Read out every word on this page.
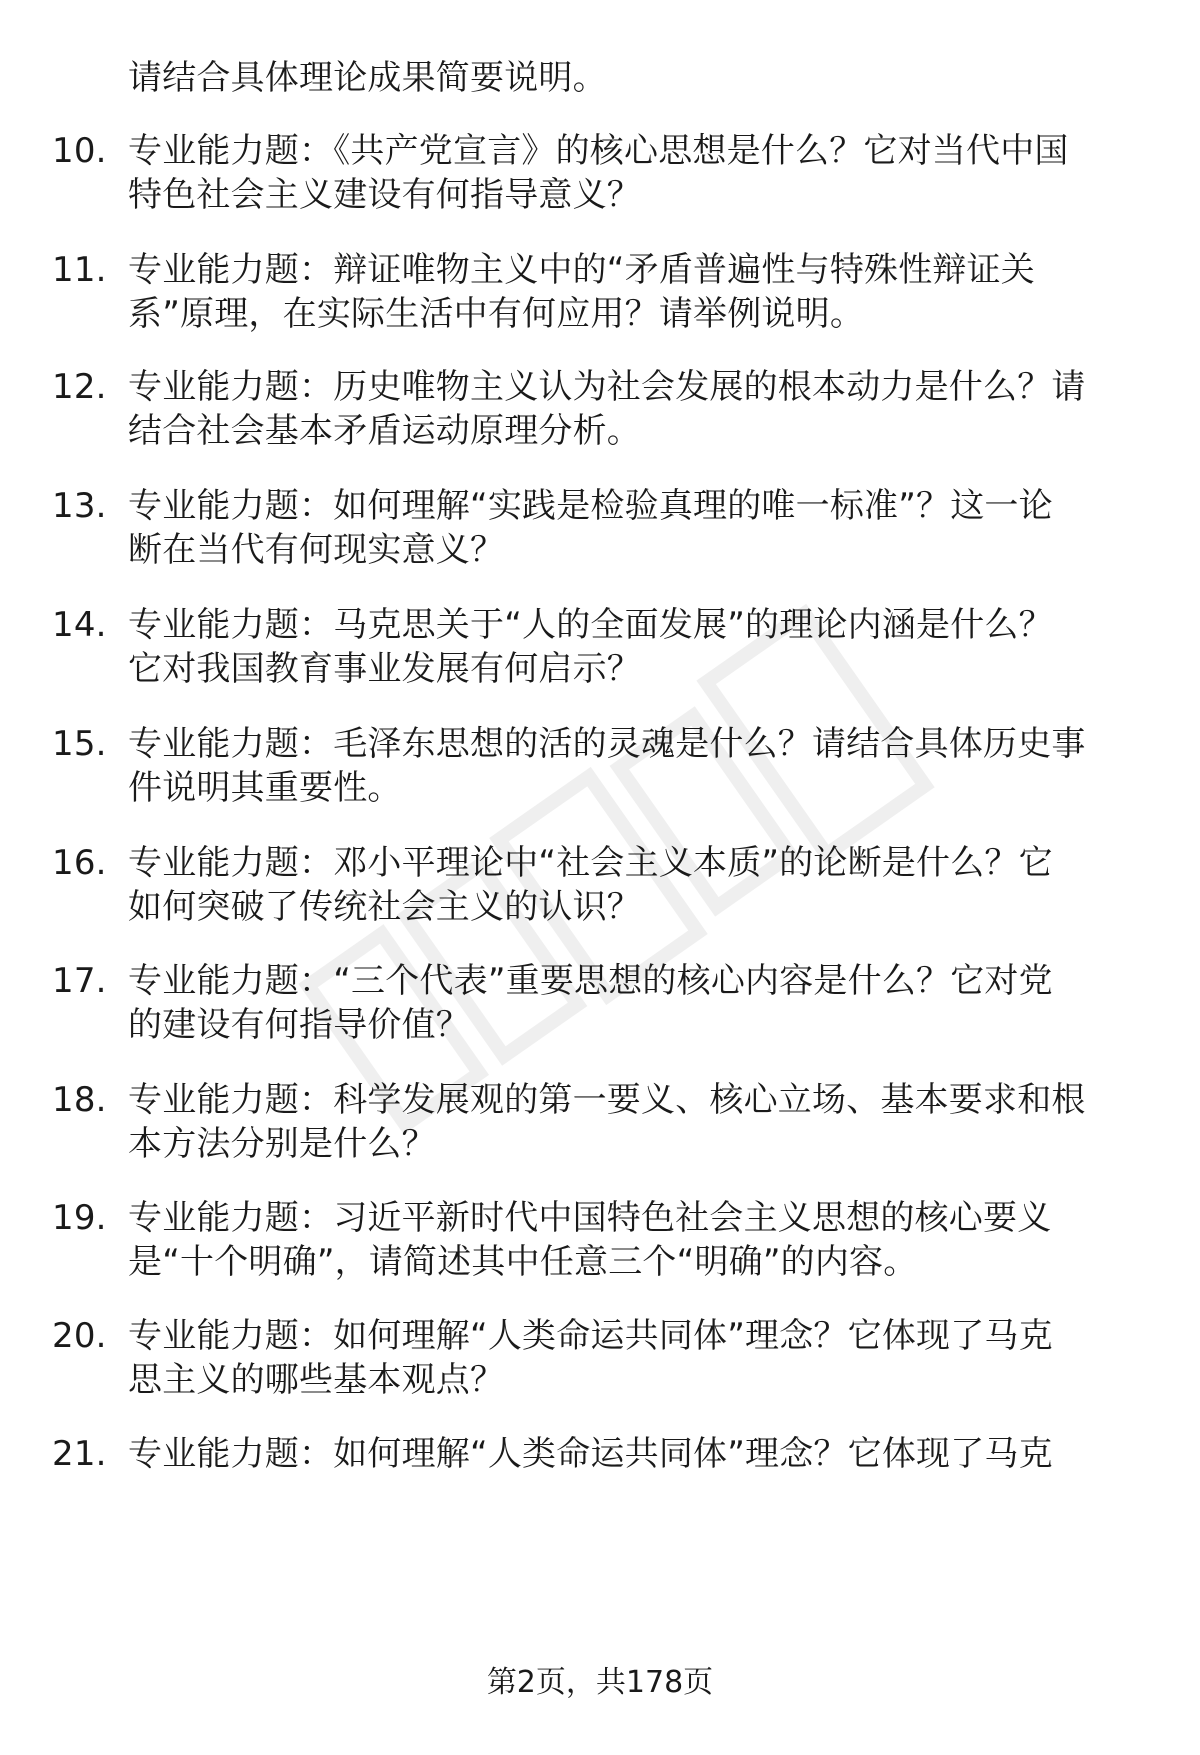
请结合具体理论成果简要说明。
10. 专业能力题：《共产党宣言》的核心思想是什么？它对当代中国
特色社会主义建设有何指导意义？
11. 专业能力题：辩证唯物主义中的“矛盾普遍性与特殊性辩证关
系”原理，在实际生活中有何应用？请举例说明。
12. 专业能力题：历史唯物主义认为社会发展的根本动力是什么？请
结合社会基本矛盾运动原理分析。
13. 专业能力题：如何理解“实践是检验真理的唯一标准”？这一论
断在当代有何现实意义？
14. 专业能力题：马克思关于“人的全面发展”的理论内涵是什么？
它对我国教育事业发展有何启示？
15. 专业能力题：毛泽东思想的活的灵魂是什么？请结合具体历史事
件说明其重要性。
16. 专业能力题：邓小平理论中“社会主义本质”的论断是什么？它
如何突破了传统社会主义的认识？
17. 专业能力题：“三个代表”重要思想的核心内容是什么？它对党
的建设有何指导价值？
18. 专业能力题：科学发展观的第一要义、核心立场、基本要求和根
本方法分别是什么？
19. 专业能力题：习近平新时代中国特色社会主义思想的核心要义
是“十个明确”，请简述其中任意三个“明确”的内容。
20. 专业能力题：如何理解“人类命运共同体”理念？它体现了马克
思主义的哪些基本观点？
21. 专业能力题：如何理解“人类命运共同体”理念？它体现了马克
第2页，共178页
